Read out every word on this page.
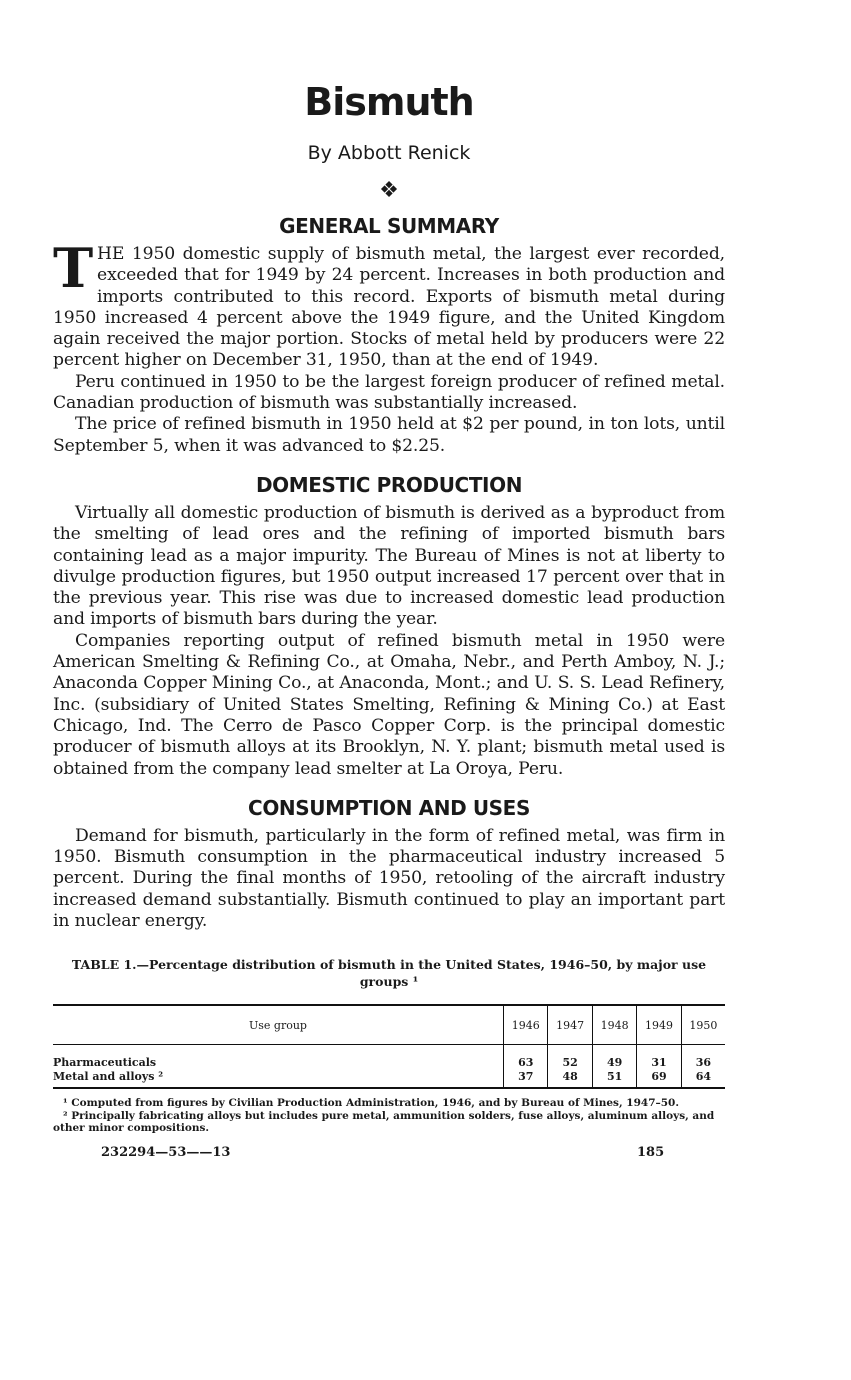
Bismuth
By Abbott Renick
❖
GENERAL SUMMARY

THE 1950 domestic supply of bismuth metal, the largest ever recorded, exceeded that for 1949 by 24 percent. Increases in both production and imports contributed to this record. Exports of bismuth metal during 1950 increased 4 percent above the 1949 figure, and the United Kingdom again received the major portion. Stocks of metal held by producers were 22 percent higher on December 31, 1950, than at the end of 1949.

Peru continued in 1950 to be the largest foreign producer of refined metal. Canadian production of bismuth was substantially increased.

The price of refined bismuth in 1950 held at $2 per pound, in ton lots, until September 5, when it was advanced to $2.25.

DOMESTIC PRODUCTION

Virtually all domestic production of bismuth is derived as a byproduct from the smelting of lead ores and the refining of imported bismuth bars containing lead as a major impurity. The Bureau of Mines is not at liberty to divulge production figures, but 1950 output increased 17 percent over that in the previous year. This rise was due to increased domestic lead production and imports of bismuth bars during the year.

Companies reporting output of refined bismuth metal in 1950 were American Smelting & Refining Co., at Omaha, Nebr., and Perth Amboy, N. J.; Anaconda Copper Mining Co., at Anaconda, Mont.; and U. S. S. Lead Refinery, Inc. (subsidiary of United States Smelting, Refining & Mining Co.) at East Chicago, Ind. The Cerro de Pasco Copper Corp. is the principal domestic producer of bismuth alloys at its Brooklyn, N. Y. plant; bismuth metal used is obtained from the company lead smelter at La Oroya, Peru.

CONSUMPTION AND USES

Demand for bismuth, particularly in the form of refined metal, was firm in 1950. Bismuth consumption in the pharmaceutical industry increased 5 percent. During the final months of 1950, retooling of the aircraft industry increased demand substantially. Bismuth continued to play an important part in nuclear energy.

TABLE 1.—Percentage distribution of bismuth in the United States, 1946–50, by major use groups ¹
Use group	1946	1947	1948	1949	1950
Pharmaceuticals	63	52	49	31	36
Metal and alloys ²	37	48	51	69	64

¹ Computed from figures by Civilian Production Administration, 1946, and by Bureau of Mines, 1947–50.

² Principally fabricating alloys but includes pure metal, ammunition solders, fuse alloys, aluminum alloys, and other minor compositions.

232294—53——13	185
